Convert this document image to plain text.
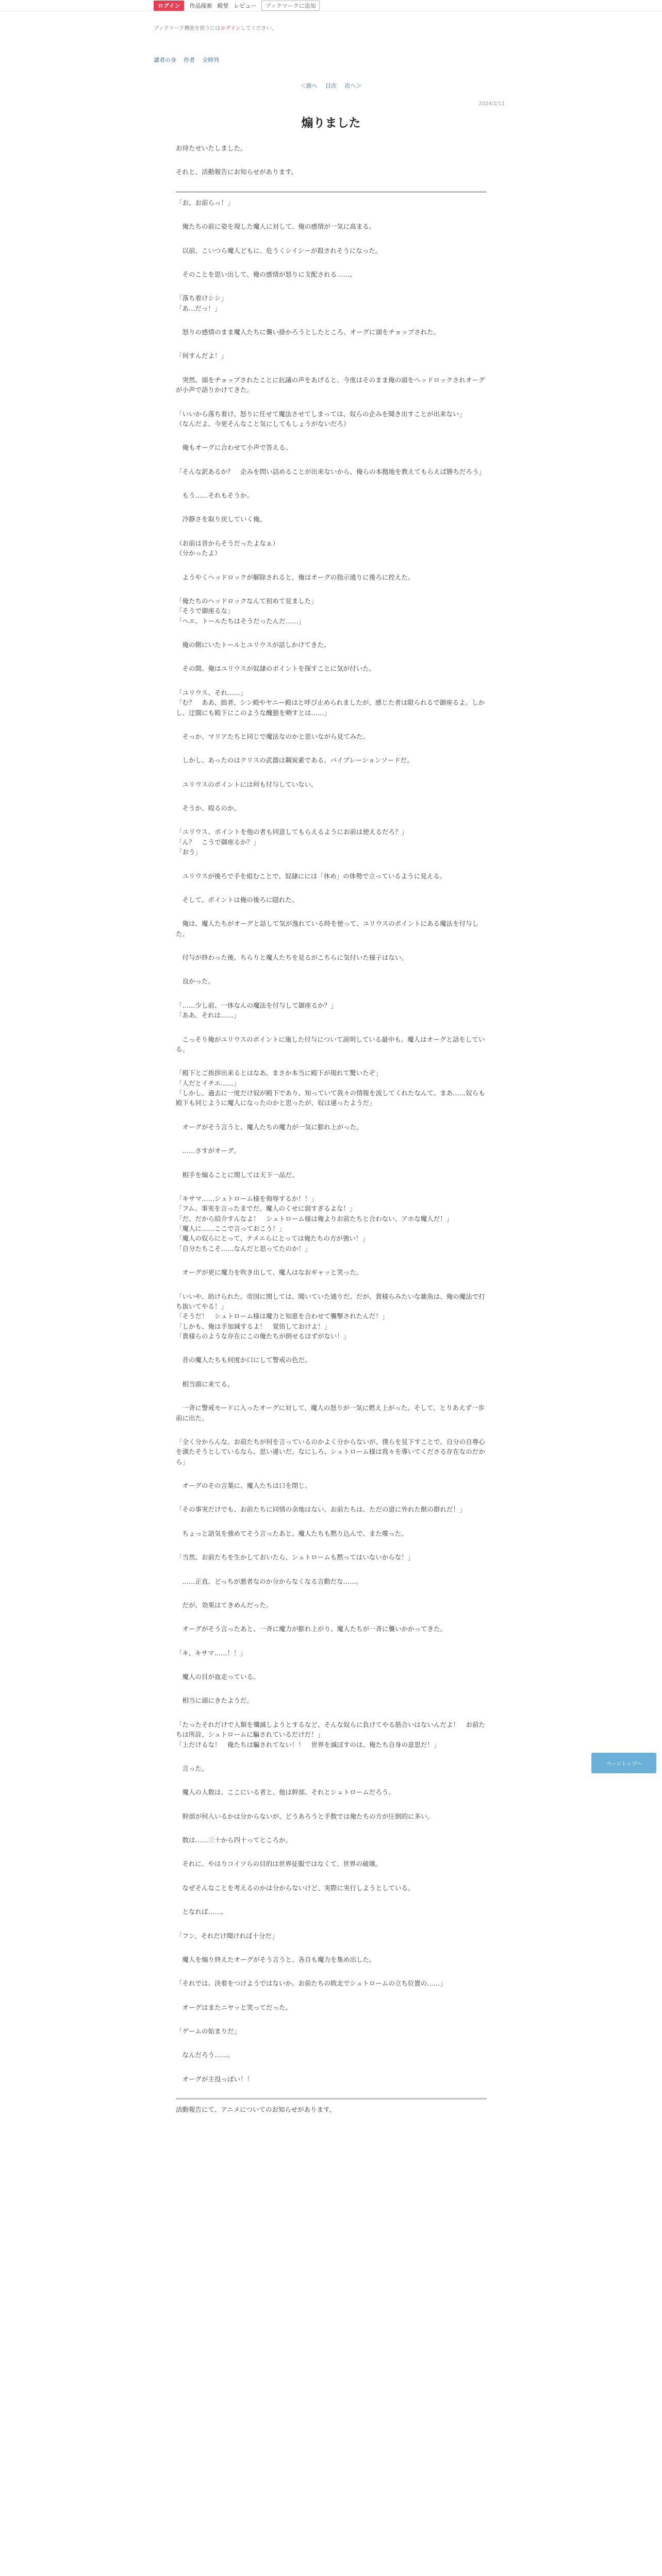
ログイン	作品探索 殿堂 レビュー	ブックマークに追加
ブックマーク機能を使うにはログインしてください。
讀者の身 作者 全時列
＜前へ 目次 次へ＞
2024/2/11
煽りました
お待たせいたしました。
それと、活動報告にお知らせがあります。
「お、お前らっ！」
　俺たちの前に姿を現した魔人に対して、俺の感情が一気に高まる。
　以前、こいつら魔人どもに、危うくシイシーが殺されそうになった。
　そのことを思い出して、俺の感情が怒りに支配される……。
「落ち着けシシ」
「あ…だっ！」
　怒りの感情のまま魔人たちに襲い掛かろうとしたところ、オーグに頭をチョップされた。
「何すんだよ！」
　突然、頭をチョップされたことに抗議の声をあげると、今度はそのまま俺の頭をヘッドロックされオーグが小声で語りかけてきた。
「いいから落ち着け。怒りに任せて魔法させてしまっては、奴らの企みを聞き出すことが出来ない」
（なんだよ、今更そんなこと気にしてもしょうがないだろ）
　俺もオーグに合わせて小声で答える。
「そんな訳あるか？　企みを問い詰めることが出来ないから、俺らの本拠地を教えてもらえば勝ちだろう」
　もう……それもそうか。
　冷静さを取り戻していく俺。
（お前は昔からそうだったよなぁ）
（分かったよ）
　ようやくヘッドロックが解除されると、俺はオーグの指示通りに後ろに控えた。
「俺たちのヘッドロックなんて初めて見ました」
「そうで御座るな」
「ヘエ、トールたちはそうだったんだ……」
　俺の側にいたトールとユリウスが話しかけてきた。
　その間、俺はユリウスが奴隷のポイントを探すことに気が付いた。
「ユリウス、それ……」
「む？　ああ、拙者、シン殿やヤニー殿はと呼び止められましたが、感じた者は限られるで御座るよ。しかし、迂闊にも殿下にこのような醜態を晒すとは……」
　そっか、マリアたちと同じで魔法なのかと思いながら見てみた。
　しかし、あったのはクリスの武器は鋼炭素である、バイブレーションソードだ。
　ユリウスのポイントには何も付与していない。
　そうか、殴るのか。
「ユリウス、ポイントを他の者も同意してもらえるようにお前は使えるだろ？」
「ん？　こうで御座るか？」
「おう」
　ユリウスが後ろで手を組むことで、奴隷にには「休め」の体勢で立っているように見える。
　そして、ポイントは俺の後ろに隠れた。
　俺は、魔人たちがオーグと話して気が逸れている時を使って、ユリウスのポイントにある魔法を付与した。
　付与が終わった後、ちらりと魔人たちを見るがこちらに気付いた様子はない。
　良かった。
「……少し前、一体なんの魔法を付与して御座るか？」
「ああ、それは……」
　こっそり俺がユリウスのポイントに施した付与について説明している最中も、魔人はオーグと話をしている。
「殿下とご挨拶出来るとはなあ。まさか本当に殿下が現れて驚いたぞ」
「人だとイチエ……」
「しかし、過去に一度だけ奴が殿下であり、知っていて我々の情報を流してくれたなんて。まあ……奴らも殿下も同じように魔人になったのかと思ったが、奴は違ったようだ」
　オーグがそう言うと、魔人たちの魔力が一気に膨れ上がった。
　……さすがオーグ。
　相手を煽ることに関しては天下一品だ。
「キサマ……シュトローム様を侮辱するか！！」
「フム、事実を言ったまでだ。魔人のくせに弱すぎるよな！」
「だ、だから紹介すんなよ！　シュトローム様は俺よりお前たちと合わない、アホな魔人だ！」
「魔人に……ここで言っておこう！」
「魔人の奴らにとって、テメエらにとっては俺たちの方が強い！」
「自分たちこそ……なんだと思ってたのか！」
　オーグが更に魔力を吹き出して、魔人はなおギャッと笑った。
「いいや、助けられた。帝国に関しては、聞いていた通りだ。だが、貴様らみたいな雑魚は、俺の魔法で打ち抜いてやる！」
「そうだ！　シュトローム様は魔力と知恵を合わせて襲撃されたんだ！」
「しかも、俺は手加減するよ！　覚悟しておけよ！」
「貴様らのような存在にこの俺たちが倒せるはずがない！」
　昔の魔人たちも何度か口にして警戒の色だ。
　相当頭に来てる。
　一斉に警戒モードに入ったオーグに対して、魔人の怒りが一気に燃え上がった。そして、とりあえず一歩前に出た。
「全く分からんな。お前たちが何を言っているのかよく分からないが、僕らを見下すことで、自分の自尊心を満たそうとしているなら、思い違いだ。なにしろ、シュトローム様は我々を導いてくださる存在なのだから」
　オーグのその言葉に、魔人たちは口を閉じ、
「その事実だけでも、お前たちに同情の余地はない。お前たちは、ただの道に外れた獣の群れだ！」
　ちょっと語気を強めてそう言ったあと、魔人たちも黙り込んで、また喋った。
「当然、お前たちを生かしておいたら、シュトロームも黙ってはいないからな！」
　……正直、どっちが悪者なのか分からなくなる言動だな……。
　だが、効果はてきめんだった。
　オーグがそう言ったあと、一斉に魔力が膨れ上がり、魔人たちが一斉に襲いかかってきた。
「キ、キサマ……！！」
　魔人の目が血走っている。
　相当に頭にきたようだ。
「たったそれだけで人類を殲滅しようとするなど、そんな奴らに負けてやる筋合いはないんだよ！　お前たちは所詮、シュトロームに騙されているだけだ！」
「上だけるな！　俺たちは騙されてない！！　世界を滅ぼすのは、俺たち自身の意思だ！」
　言った。
　魔人の人数は、ここにいる者と、他は幹部。それとシュトロームだろう。
　幹部が何人いるかは分からないが、どうあろうと手数では俺たちの方が圧倒的に多い。
　数は……三十から四十ってところか。
　それに、やはりコイツらの目的は世界征服ではなくて、世界の破壊。
　なぜそんなことを考えるのかは分からないけど、実際に実行しようとしている。
　となれば……。
「フン、それだけ聞ければ十分だ」
　魔人を煽り終えたオーグがそう言うと、各自も魔力を集め出した。
「それでは、決着をつけようではないか。お前たちの敗北でシュトロームの立ち位置の……」
　オーグはまたニヤッと笑ってだった。
「ゲームの始まりだ」
　なんだろう……。
　オーグが主役っぽい！！
活動報告にて、アニメについてのお知らせがあります。
ページトップへ
